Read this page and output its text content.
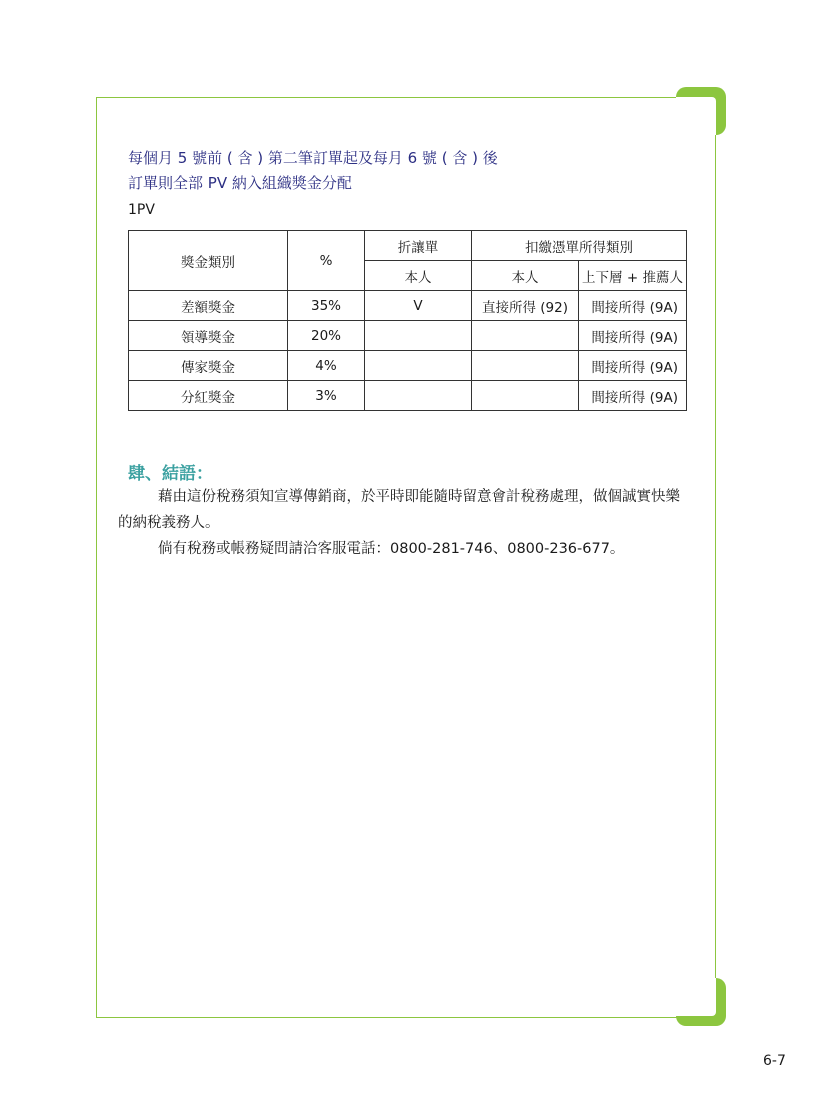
每個月 5 號前 ( 含 ) 第二筆訂單起及每月 6 號 ( 含 ) 後
訂單則全部 PV 納入組織獎金分配

1PV
獎金類別	%	折讓單	扣繳憑單所得類別	
		本人	本人	上下層 + 推薦人
差額獎金	35%	V	直接所得 (92)	間接所得 (9A)
領導獎金	20%			間接所得 (9A)
傳家獎金	4%			間接所得 (9A)
分紅獎金	3%			間接所得 (9A)
肆、結語：

藉由這份稅務須知宣導傳銷商，於平時即能隨時留意會計稅務處理，做個誠實快樂的納稅義務人。

倘有稅務或帳務疑問請洽客服電話：0800-281-746、0800-236-677。

6-7
